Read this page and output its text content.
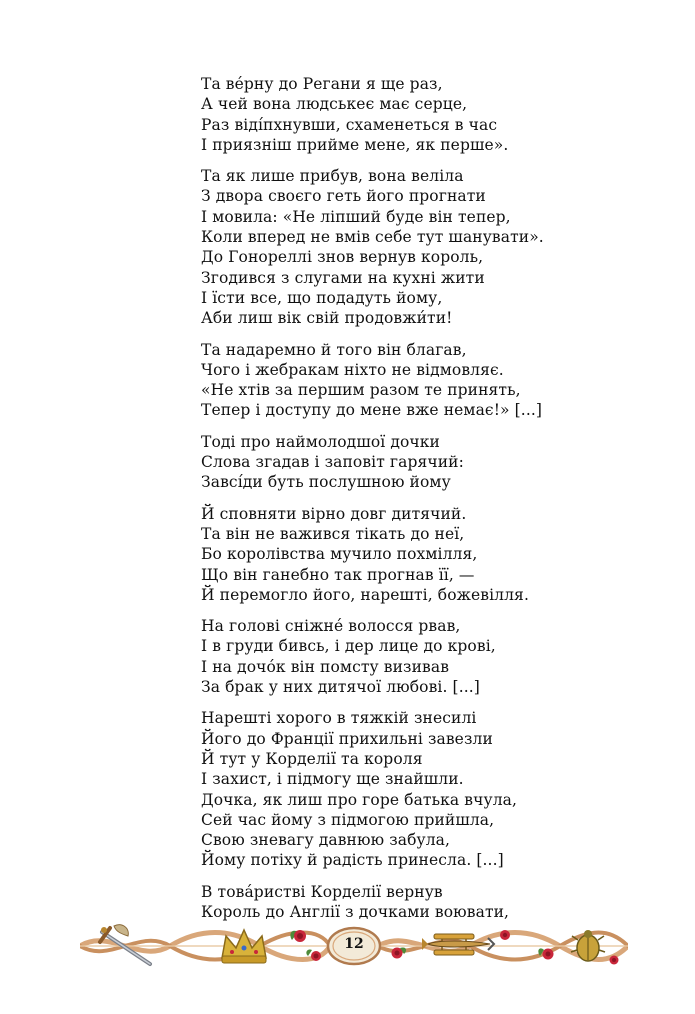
Та ве́рну до Регани я ще раз,
А чей вона людськеє має серце,
Раз віді́пхнувши, схаменеться в час
І приязніш прийме мене, як перше».
Та як лише прибув, вона веліла
З двора своєго геть його прогнати
І мовила: «Не ліпший буде він тепер,
Коли вперед не вмів себе тут шанувати».
До Гонореллі знов вернув король,
Згодився з слугами на кухні жити
І їсти все, що подадуть йому,
Аби лиш вік свій продовжи́ти!
Та надаремно й того він благав,
Чого і жебракам ніхто не відмовляє.
«Не хтів за першим разом те принять,
Тепер і доступу до мене вже немає!» [...]
Тоді про наймолодшої дочки
Слова згадав і заповіт гарячий:
Завсі́ди буть послушною йому
Й сповняти вірно довг дитячий.
Та він не важився тікать до неї,
Бо королівства мучило похмілля,
Що він ганебно так прогнав її, —
Й перемогло його, нарешті, божевілля.
На голові сніжне́ волосся рвав,
І в груди бивсь, і дер лице до крові,
І на дочо́к він помсту визивав
За брак у них дитячої любові. [...]
Нарешті хорого в тяжкій знесилі
Його до Франції прихильні завезли
Й тут у Корделії та короля
І захист, і підмогу ще знайшли.
Дочка, як лиш про горе батька вчула,
Сей час йому з підмогою прийшла,
Свою зневагу давнюю забула,
Йому потіху й радість принесла. [...]
В това́ристві Корделії вернув
Король до Англії з дочками воювати,
12
